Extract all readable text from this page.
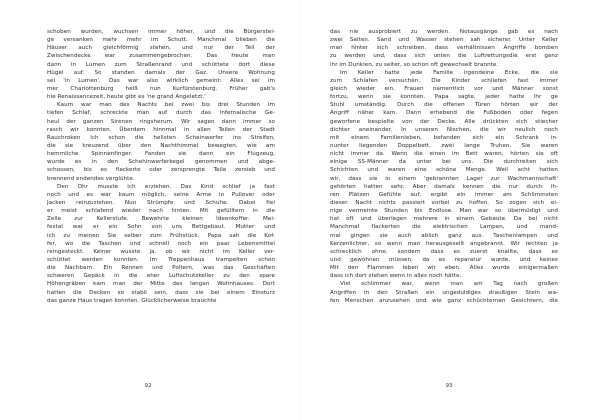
schoben wurden, wuchsen immer höher, und die Bürgerstei-
ge versanken mehr mehr im Schutt. Manchmal blieben die
Häuser auch gleichförmig stehen, und nur der Teil der
Zwischendecke war zusammengebrochen. Das freute man
dann in Lumen zum Straßenrand und schüttete dort diese
Hügel auf. So standen damals der Gaz. Unsere Wohnung
sei 'in Lumen'. Das war also wirklich gemeint: Alles sei im
mer Charlottenburg heiß nun Kurfürstenburg. Früher gab's
hie Renaissancezeit, heute gibt es 'ne grand Angeletzt.'
Kaum war man des Nachts bei zwei bis drei Stunden im
tiefen Schlaf, schreckte man auf durch das infernalische Ge-
heul der ganzen Sirenen ringsherum. Wir sagen dann immer so
rasch wir konnten. Überdem hinnmal in allen Teilen der Stadt
Rauchroken ich schon die hellsten Scheinwerfer ins Streifen,
die sie kreuzend über den Nachthimmel bewegten, wie am
hemmliche Spinnenfinger. Fanden sie dann ein Flugzeug,
wurde es in den Schehinwerferkegel genommen und abge-
schossen, bis es flackerte oder zersprengte Teile zersieb und
brennend endendes verglühte.
Den Ohr musste ich erziehen. Das Kind schlief ja fast
noch und es war kaum möglich, seine Arme in Pullover oder
Jacken reinzuziehen. Nun Strümpfe und Schuhe. Dabei fiel
er meist schlafend wieder nach hinten. Mit gefülltem in die
Zelle zur Kellerstufe. Bewehrte kleinen Ideenkoffer. Mei-
festal war er ein Sohn von uns Bettgebaut. Mutter und
ich zu meinen Sie selber zum Frühstück. Papa sah die Kof-
fer, wo die Taschen und schnell noch ein paar Lebensmittel
reingesteckt. Keiner wusste ja, ob wir nicht im Keller ver-
schüttet werden konnten. Im Treppenhaus trampelten schon
die Nachbarn. Ein Rennen und Poltern, was das Geschäften
schweren Gepäck in die eher Luftschutzkeller zu den spare
Höhengräben kam man der Mitte des langen Wohnhauses. Dort
hatten die Decken so stabil sein, dass sie bei einem Einsturz
das ganze Haus tragen konnten. Glücklicherweise brauchte
92
das nie ausprobiert zu werden. Notausgänge gab es nach
zwei Seiten. Sand und Wasser stehen sah sicherer. Unter Keller
man hinter sich schreiben, dass verhältnissen Angriffe bomben
zu werden und, dass sich unten die Luftrettungsdie erst ganz
ihr im Dunklen, zu seiter, so schon oft gewechselt brannte.
Im Keller hatte jede Familie irgendeine Ecke, die sie
zum Schlafen versuchen. Die Kinder schliefen fast immer
gleich wieder ein. Frauen namentlich vor und Männer sonst
fortzu, wenn sie konnten. Papa sagte, jeder hatte ihr ge
Stuhl umständig. Durch die offenen Türen hörten wir der
Angriff näher kam. Dann erhebend die Fußboden oder fegen
geworfene bespielte von der Decke. Alle drückten sich stiecher
dichter aneinander. In unseren Nischen, die wir neulich noch
mit einem Familienleben, befanden sich ein Schrank in-
nunter liegenden Doppelbett, zwei lange Truhen. Sie waren
nicht immer da. Wenn die einen im Bett waren, hörten sie oft
einige SS-Männer da unter bei uns. Die durchreiten sich
Schichten und waren eine schöne Menge. Weil acht hatten
wir, dass sie in einem 'gebrannten Lager zur Wachmannschaft'
gehörten hatten sehr. Aber damals kennen die nur durch ih-
ren Plätzen Gefühle auf, ergibt ein immer am Schlimmsten
dieser. Nacht nichts passiert vorbei zu hoffen. So zogen sich ei-
nige vermeinte Stunden bis Endlose. Man war so übermüdigt und
hat oft und überlegen mehrere in einem Gebaute. Da bei nicht
Manchmal flackerten die elektrischen Lampen, und mand-
mal gingen sie auch ablich ganz aus. Taschenlampen und
Kerzenlichter, so wenn man herausgesellt angebrannt. Wir rechten ja
schrecklich ohne, sondern dass es zuerst knallte, dass es
und gewöhnen müssen, da es reparatur wurde, und keines
Mit den Flammen leben wir eben. Alles wurde einigermaßen
dass ich dort stehen wenn in alles noch hätte.
Viel schlimmer war, wenn man am Tag nach großen
Angriffen in den Straßen ein ungeduldiges draußigen Stein wa-
fen Menschen anzusehen und wie ganz schüchternen Gesichtern, die
93
